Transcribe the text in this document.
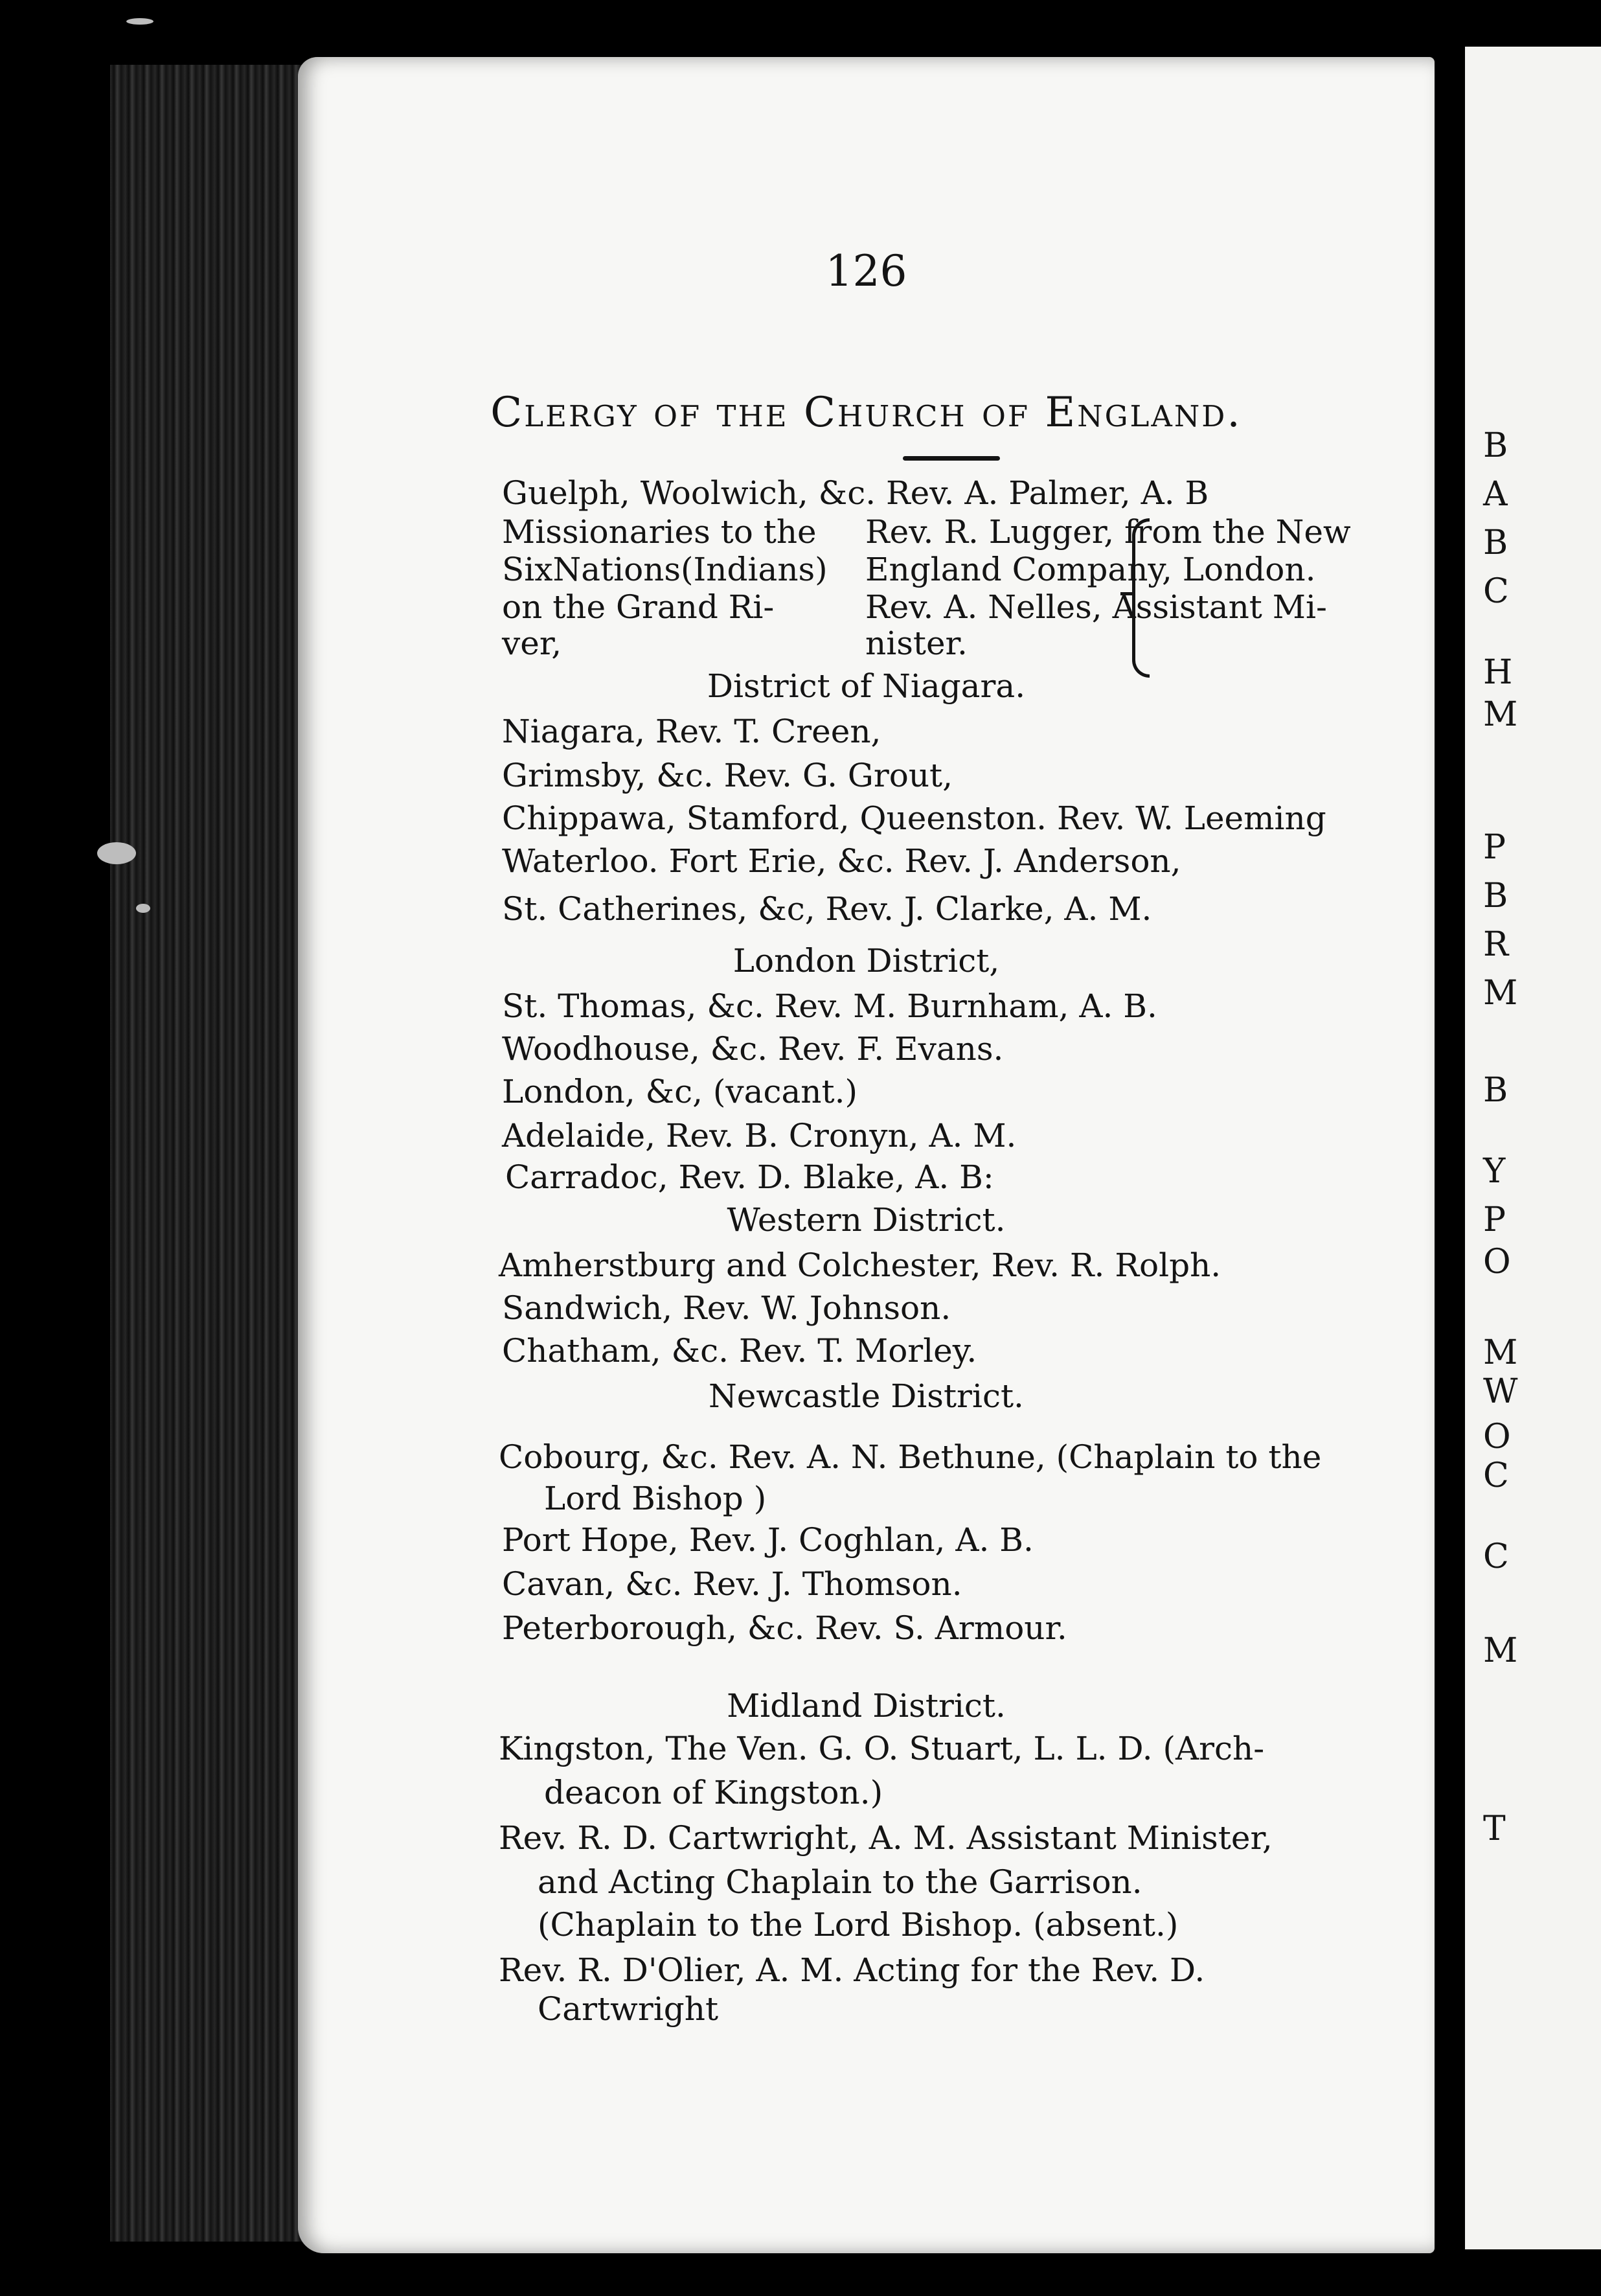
B
A
B
C
H
M
P
B
R
M
B
Y
P
O
M
W
O
C
C
M
T
126
Clergy of the Church of England.
Guelph, Woolwich, &c. Rev. A. Palmer, A. B
Missionaries to the
SixNations(Indians)
on the Grand Ri-
ver,
Rev. R. Lugger, from the New
England Company, London.
Rev. A. Nelles, Assistant Mi-
nister.
District of Niagara.
Niagara, Rev. T. Creen,
Grimsby, &c. Rev. G. Grout,
Chippawa, Stamford, Queenston. Rev. W. Leeming
Waterloo. Fort Erie, &c. Rev. J. Anderson,
St. Catherines, &c, Rev. J. Clarke, A. M.
London District,
St. Thomas, &c. Rev. M. Burnham, A. B.
Woodhouse, &c. Rev. F. Evans.
London, &c, (vacant.)
Adelaide, Rev. B. Cronyn, A. M.
Carradoc, Rev. D. Blake, A. B:
Western District.
Amherstburg and Colchester, Rev. R. Rolph.
Sandwich, Rev. W. Johnson.
Chatham, &c. Rev. T. Morley.
Newcastle District.
Cobourg, &c. Rev. A. N. Bethune, (Chaplain to the
Lord Bishop )
Port Hope, Rev. J. Coghlan, A. B.
Cavan, &c. Rev. J. Thomson.
Peterborough, &c. Rev. S. Armour.
Midland District.
Kingston, The Ven. G. O. Stuart, L. L. D. (Arch-
deacon of Kingston.)
Rev. R. D. Cartwright, A. M. Assistant Minister,
and Acting Chaplain to the Garrison.
(Chaplain to the Lord Bishop. (absent.)
Rev. R. D'Olier, A. M. Acting for the Rev. D.
Cartwright
